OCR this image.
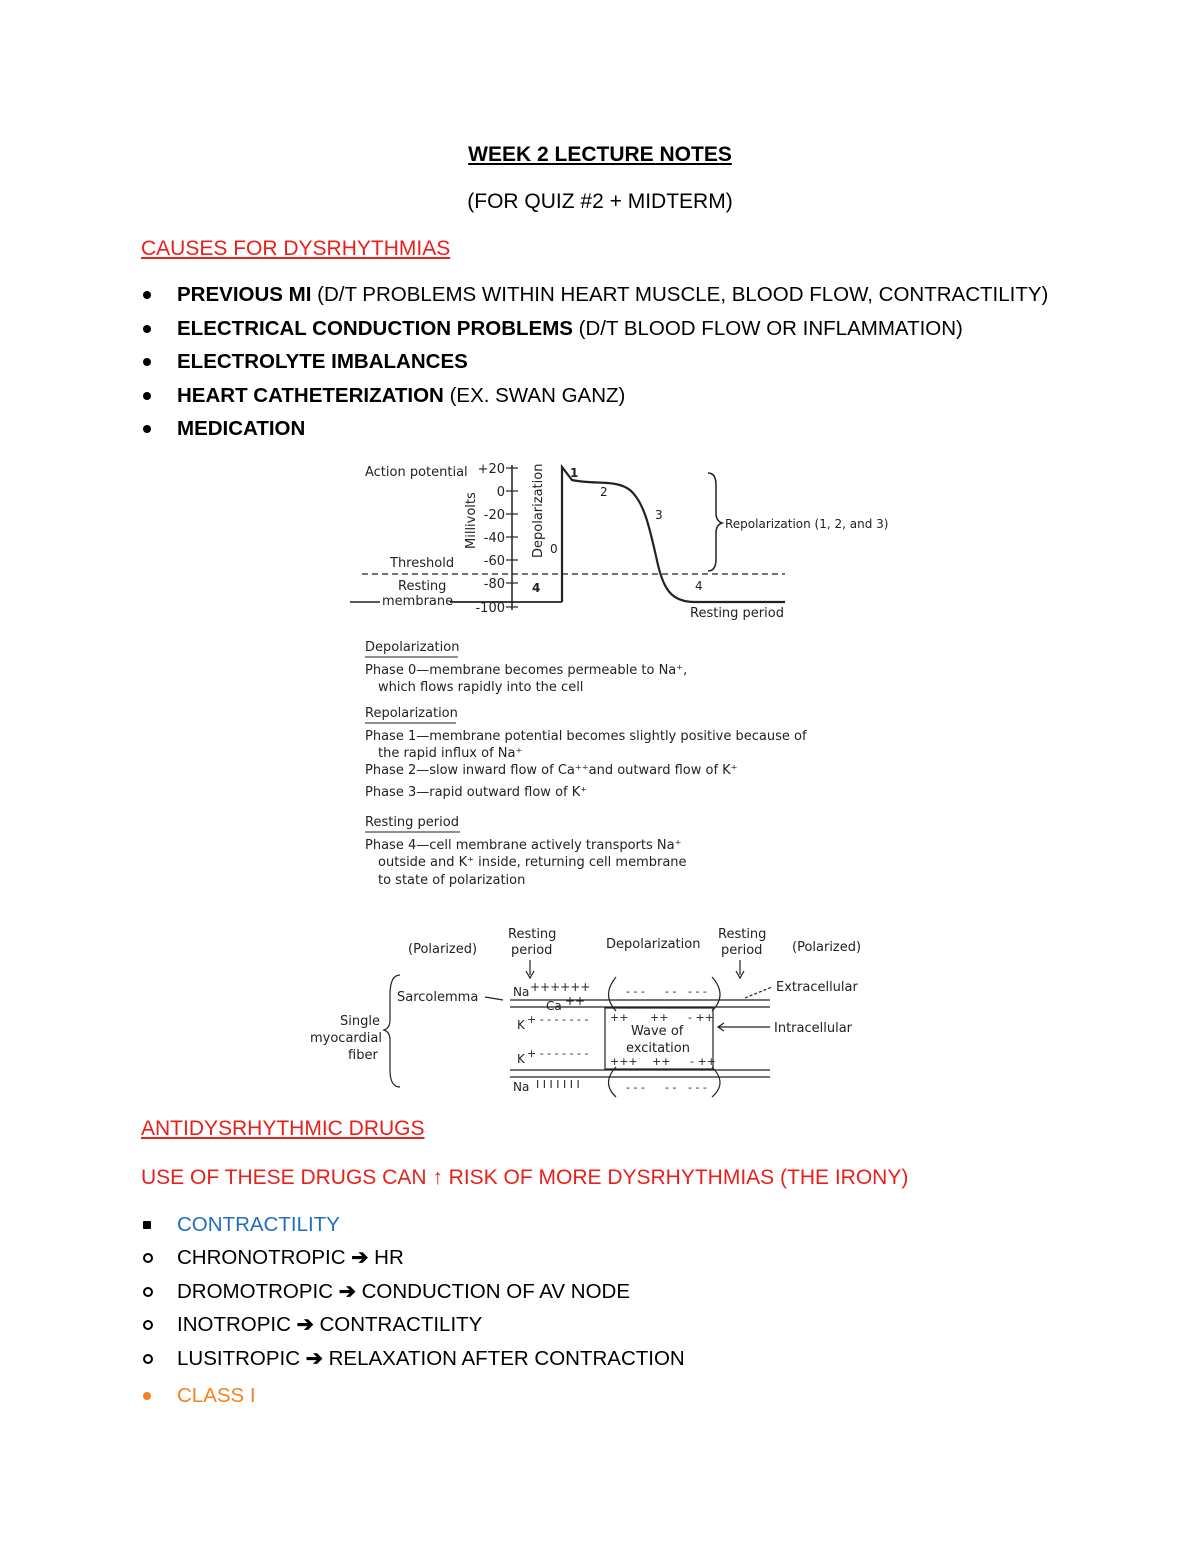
WEEK 2 LECTURE NOTES
(FOR QUIZ #2 + MIDTERM)
CAUSES FOR DYSRHYTHMIAS
PREVIOUS MI (D/T PROBLEMS WITHIN HEART MUSCLE, BLOOD FLOW, CONTRACTILITY)
ELECTRICAL CONDUCTION PROBLEMS (D/T BLOOD FLOW OR INFLAMMATION)
ELECTROLYTE IMBALANCES
HEART CATHETERIZATION (EX. SWAN GANZ)
MEDICATION
Action potential
Millivolts	Depolarization
Threshold
Resting
membrane
+20
0
-20
-40
-60
-80
-100
0
1
2
3
4	4
Repolarization (1, 2, and 3)
Resting period
Depolarization
Phase 0—membrane becomes permeable to Na⁺,
which flows rapidly into the cell
Repolarization
Phase 1—membrane potential becomes slightly positive because of
the rapid influx of Na⁺
Phase 2—slow inward flow of Ca⁺⁺and outward flow of K⁺
Phase 3—rapid outward flow of K⁺
Resting period
Phase 4—cell membrane actively transports Na⁺
outside and K⁺ inside, returning cell membrane
to state of polarization
(Polarized)
Resting
period	Depolarization
Resting
period (Polarized)
Sarcolemma
Single
myocardial
fiber
Wave of
excitation
Na ++++++
Ca ++
K + - - - - - - -
K + - - - - - - -
Na I I I I I I I
- - - - - - - -
++ ++ - ++
+++ ++ - ++
- - - - - - - -
Extracellular
Intracellular
ANTIDYSRHYTHMIC DRUGS
USE OF THESE DRUGS CAN ↑ RISK OF MORE DYSRHYTHMIAS (THE IRONY)
CONTRACTILITY
CHRONOTROPIC ➔ HR
DROMOTROPIC ➔ CONDUCTION OF AV NODE
INOTROPIC ➔ CONTRACTILITY
LUSITROPIC ➔ RELAXATION AFTER CONTRACTION
CLASS I
